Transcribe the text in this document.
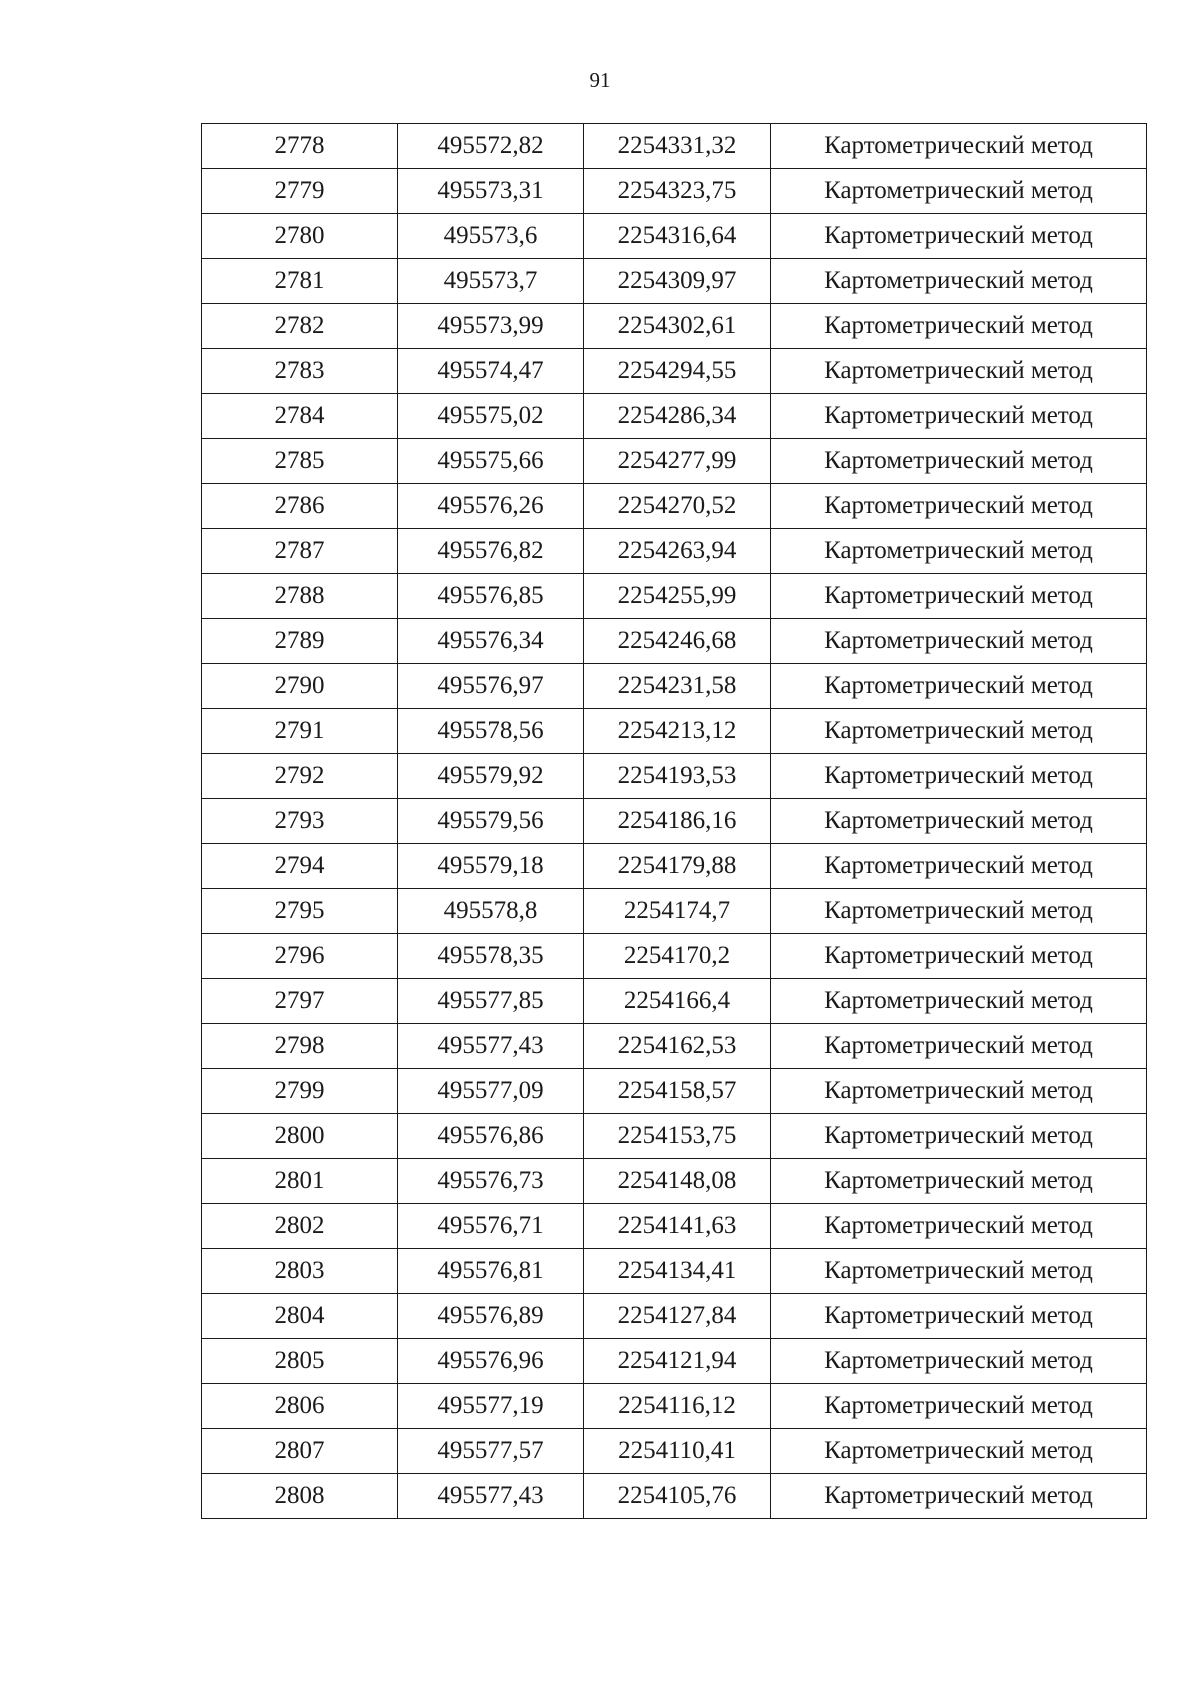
91
2778	495572,82	2254331,32	Картометрический метод
2779	495573,31	2254323,75	Картометрический метод
2780	495573,6	2254316,64	Картометрический метод
2781	495573,7	2254309,97	Картометрический метод
2782	495573,99	2254302,61	Картометрический метод
2783	495574,47	2254294,55	Картометрический метод
2784	495575,02	2254286,34	Картометрический метод
2785	495575,66	2254277,99	Картометрический метод
2786	495576,26	2254270,52	Картометрический метод
2787	495576,82	2254263,94	Картометрический метод
2788	495576,85	2254255,99	Картометрический метод
2789	495576,34	2254246,68	Картометрический метод
2790	495576,97	2254231,58	Картометрический метод
2791	495578,56	2254213,12	Картометрический метод
2792	495579,92	2254193,53	Картометрический метод
2793	495579,56	2254186,16	Картометрический метод
2794	495579,18	2254179,88	Картометрический метод
2795	495578,8	2254174,7	Картометрический метод
2796	495578,35	2254170,2	Картометрический метод
2797	495577,85	2254166,4	Картометрический метод
2798	495577,43	2254162,53	Картометрический метод
2799	495577,09	2254158,57	Картометрический метод
2800	495576,86	2254153,75	Картометрический метод
2801	495576,73	2254148,08	Картометрический метод
2802	495576,71	2254141,63	Картометрический метод
2803	495576,81	2254134,41	Картометрический метод
2804	495576,89	2254127,84	Картометрический метод
2805	495576,96	2254121,94	Картометрический метод
2806	495577,19	2254116,12	Картометрический метод
2807	495577,57	2254110,41	Картометрический метод
2808	495577,43	2254105,76	Картометрический метод
